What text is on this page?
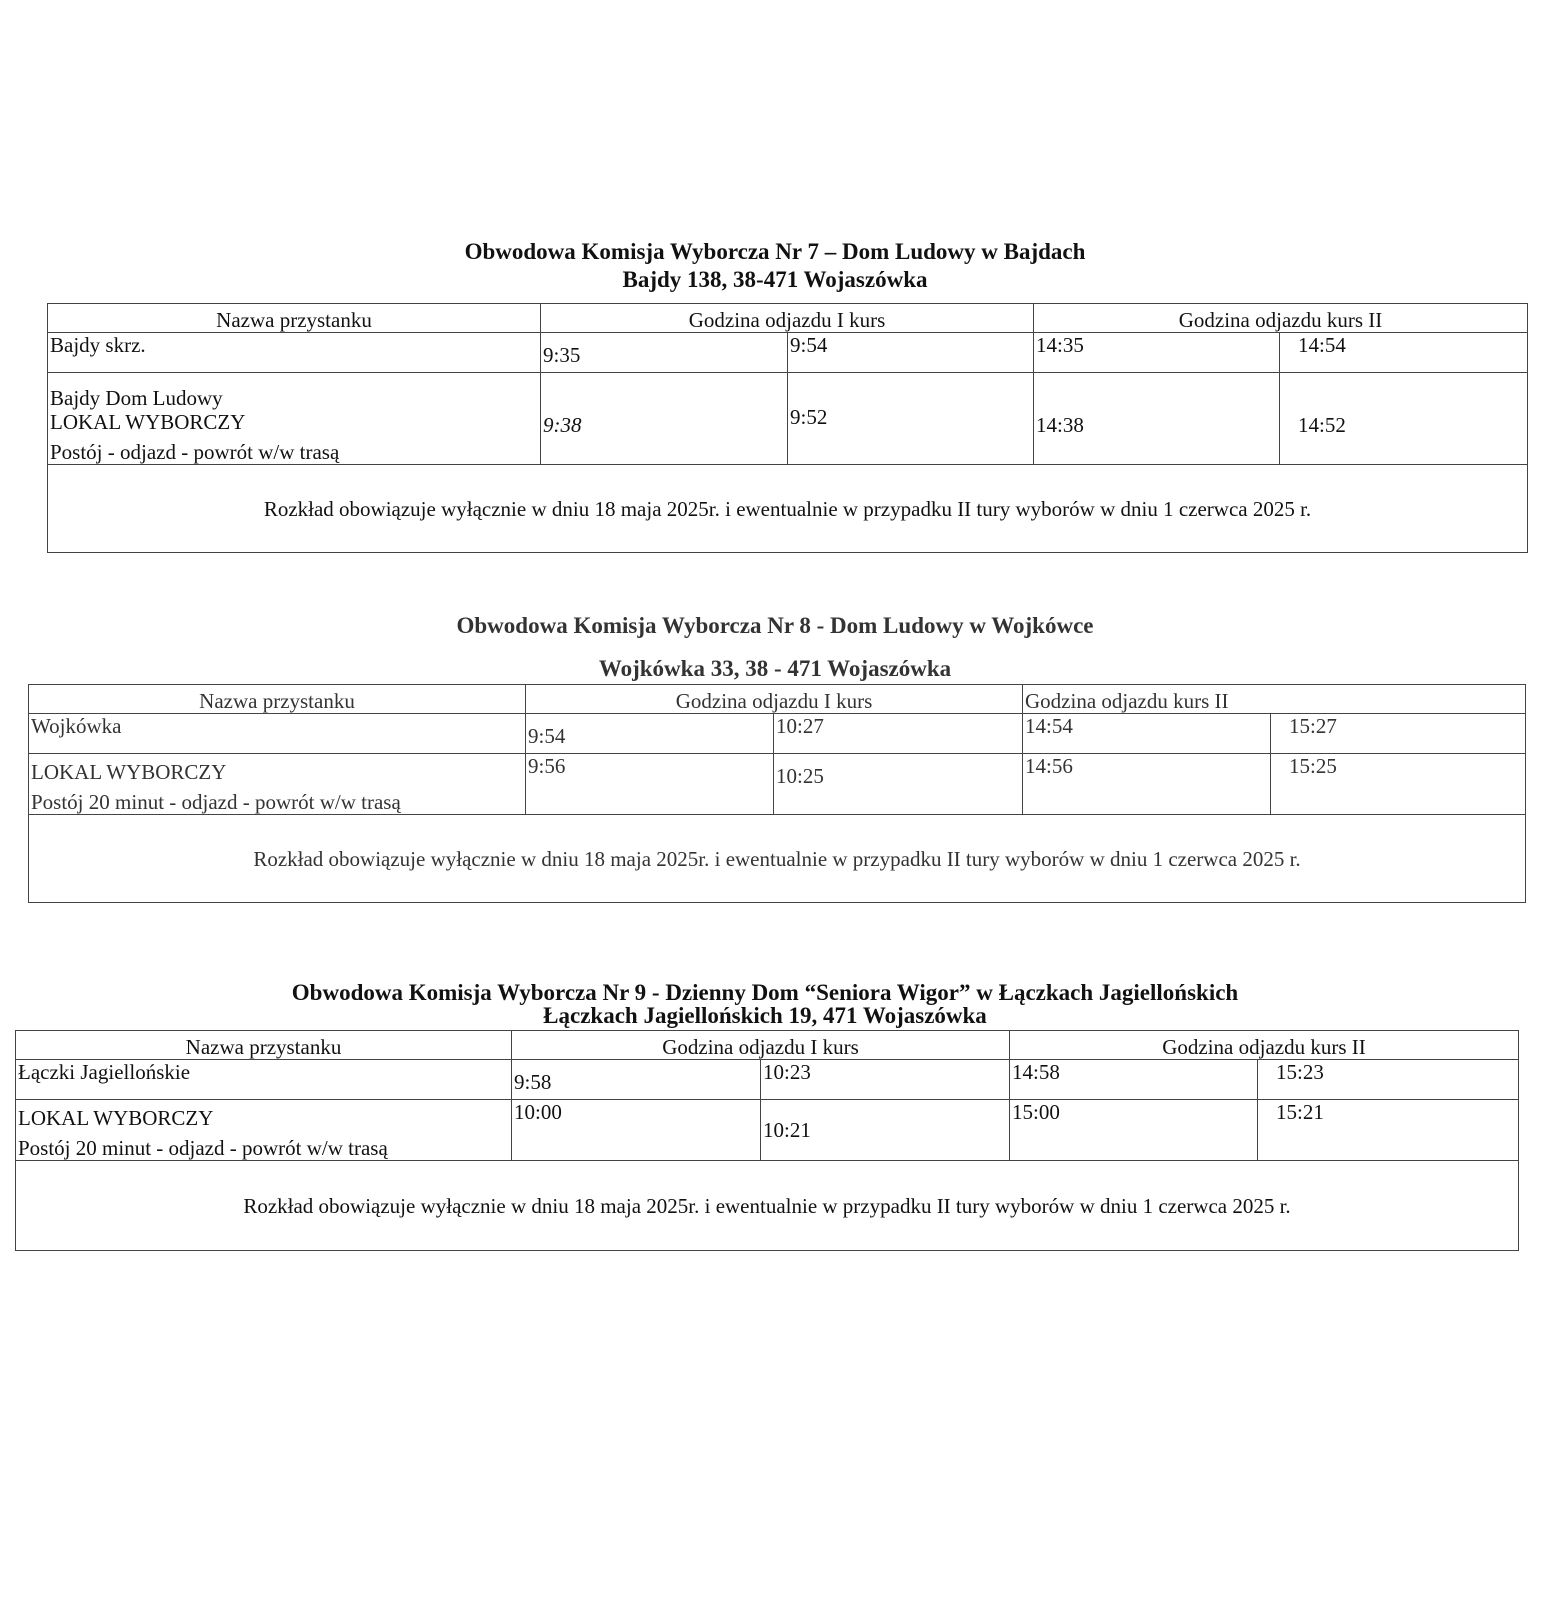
Obwodowa Komisja Wyborcza Nr 7 – Dom Ludowy w Bajdach

Bajdy 138, 38-471 Wojaszówka

Nazwa przystanku	Godzina odjazdu I kurs		Godzina odjazdu kurs II	
Bajdy skrz.	9:35	9:54	14:35	14:54

Bajdy Dom Ludowy
LOKAL WYBORCZY
Postój - odjazd - powrót w/w trasą	9:38	9:52	14:38	14:52
Rozkład obowiązuje wyłącznie w dniu 18 maja 2025r. i ewentualnie w przypadku II tury wyborów w dniu 1 czerwca 2025 r.				

Obwodowa Komisja Wyborcza Nr 8 - Dom Ludowy w Wojkówce

Wojkówka 33, 38 - 471 Wojaszówka

Nazwa przystanku	Godzina odjazdu I kurs		Godzina odjazdu kurs II	
Wojkówka	9:54	10:27	14:54	15:27

LOKAL WYBORCZY
Postój 20 minut - odjazd - powrót w/w trasą	9:56	10:25	14:56	15:25
Rozkład obowiązuje wyłącznie w dniu 18 maja 2025r. i ewentualnie w przypadku II tury wyborów w dniu 1 czerwca 2025 r.				

Obwodowa Komisja Wyborcza Nr 9 - Dzienny Dom “Seniora Wigor” w Łączkach Jagiellońskich

Łączkach Jagiellońskich 19, 471 Wojaszówka

Nazwa przystanku	Godzina odjazdu I kurs		Godzina odjazdu kurs II	
Łączki Jagiellońskie	9:58	10:23	14:58	15:23

LOKAL WYBORCZY
Postój 20 minut - odjazd - powrót w/w trasą	10:00	10:21	15:00	15:21
Rozkład obowiązuje wyłącznie w dniu 18 maja 2025r. i ewentualnie w przypadku II tury wyborów w dniu 1 czerwca 2025 r.				
